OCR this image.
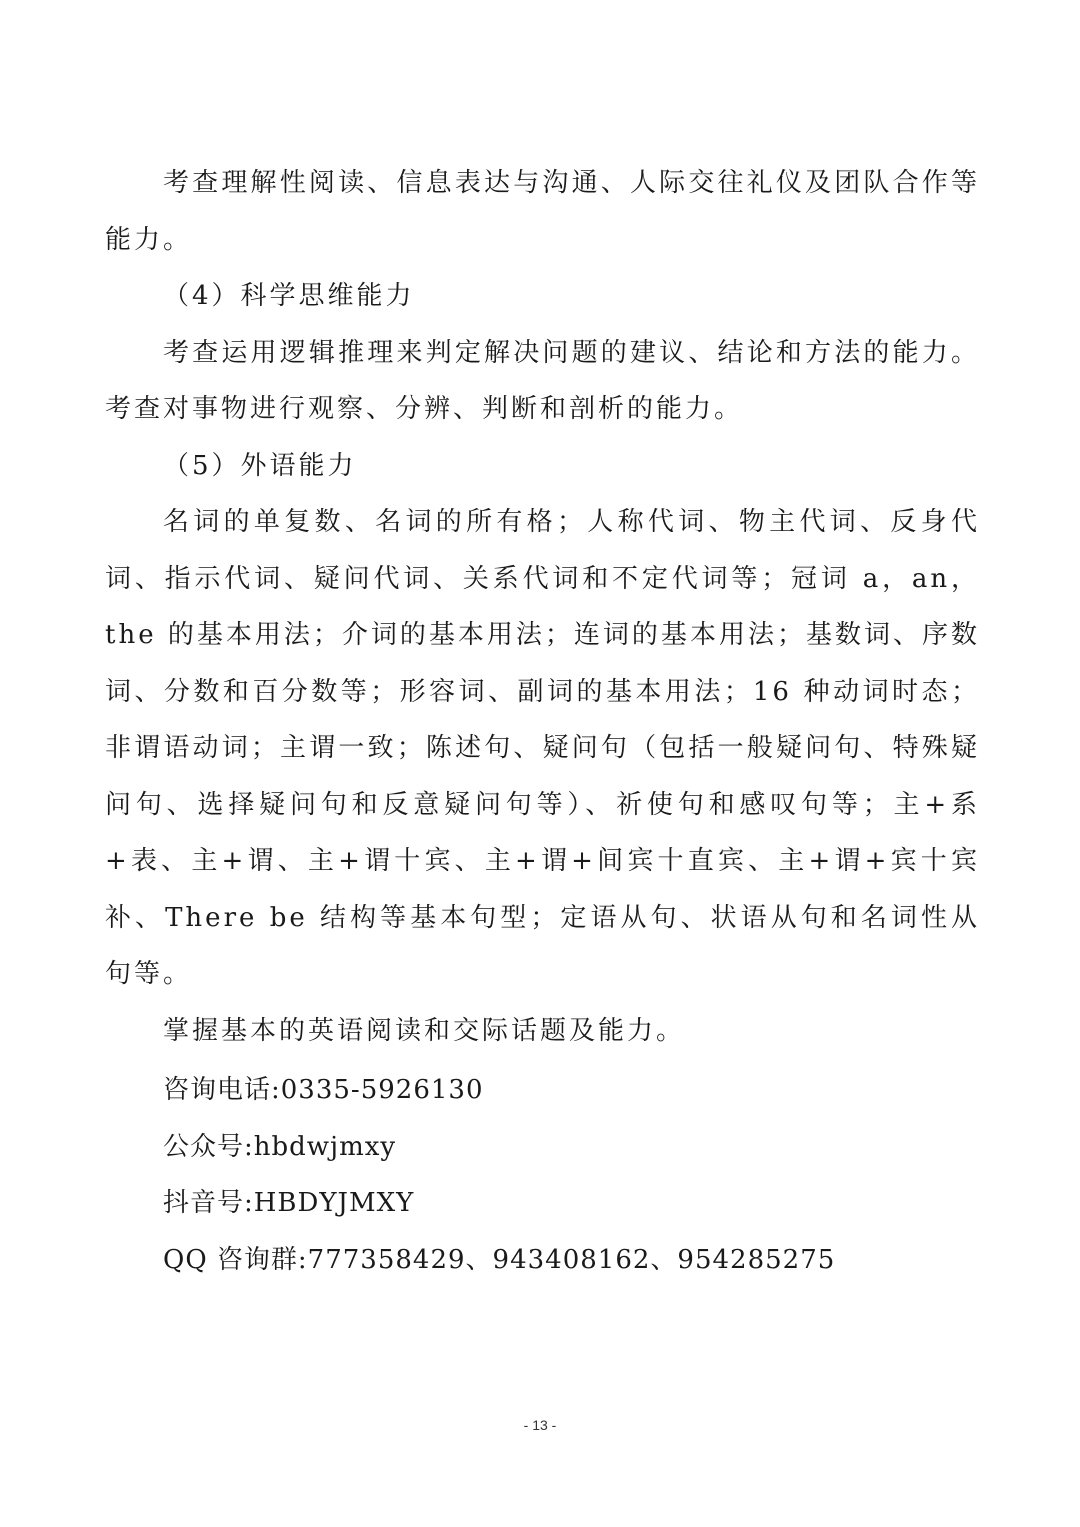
考查理解性阅读、信息表达与沟通、人际交往礼仪及团队合作等能力。

（4）科学思维能力

考查运用逻辑推理来判定解决问题的建议、结论和方法的能力。考查对事物进行观察、分辨、判断和剖析的能力。

（5）外语能力

名词的单复数、名词的所有格；人称代词、物主代词、反身代词、指示代词、疑问代词、关系代词和不定代词等；冠词 a，an，the 的基本用法；介词的基本用法；连词的基本用法；基数词、序数词、分数和百分数等；形容词、副词的基本用法；16 种动词时态；非谓语动词；主谓一致；陈述句、疑问句（包括一般疑问句、特殊疑问句、选择疑问句和反意疑问句等）、祈使句和感叹句等；主+系+表、主+谓、主+谓十宾、主+谓+间宾十直宾、主+谓+宾十宾补、There be 结构等基本句型；定语从句、状语从句和名词性从句等。

掌握基本的英语阅读和交际话题及能力。

咨询电话:0335-5926130

公众号:hbdwjmxy

抖音号:HBDYJMXY

QQ 咨询群:777358429、943408162、954285275

- 13 -
